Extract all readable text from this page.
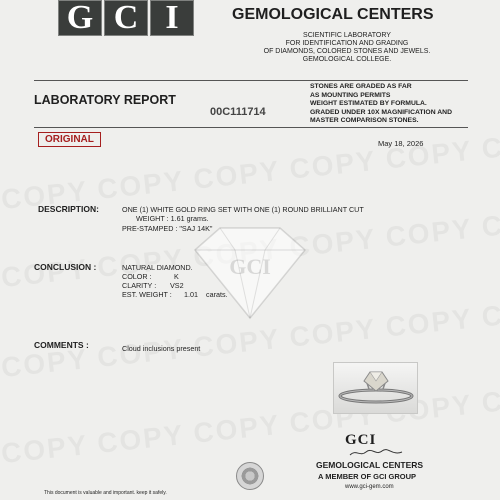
GCI
G C I	GEMOLOGICAL CENTERS
SCIENTIFIC LABORATORY
FOR IDENTIFICATION AND GRADING
OF DIAMONDS, COLORED STONES AND JEWELS.
GEMOLOGICAL COLLEGE.
LABORATORY REPORT
00C111714
STONES ARE GRADED AS FAR
AS MOUNTING PERMITS
WEIGHT ESTIMATED BY FORMULA.
GRADED UNDER 10X MAGNIFICATION AND
MASTER COMPARISON STONES.
ORIGINAL	May 18, 2026
DESCRIPTION:	ONE (1) WHITE GOLD RING SET WITH ONE (1) ROUND BRILLIANT CUT
WEIGHT : 1.61 grams.
PRE-STAMPED : "SAJ 14K"
CONCLUSION :	NATURAL DIAMOND.
COLOR :	K
CLARITY : VS2
EST. WEIGHT : 1.01 carats.
COMMENTS :	Cloud inclusions present
GCI
GEMOLOGICAL CENTERS
A MEMBER OF GCI GROUP
www.gci-gem.com
This document is valuable and important. keep it safely.
